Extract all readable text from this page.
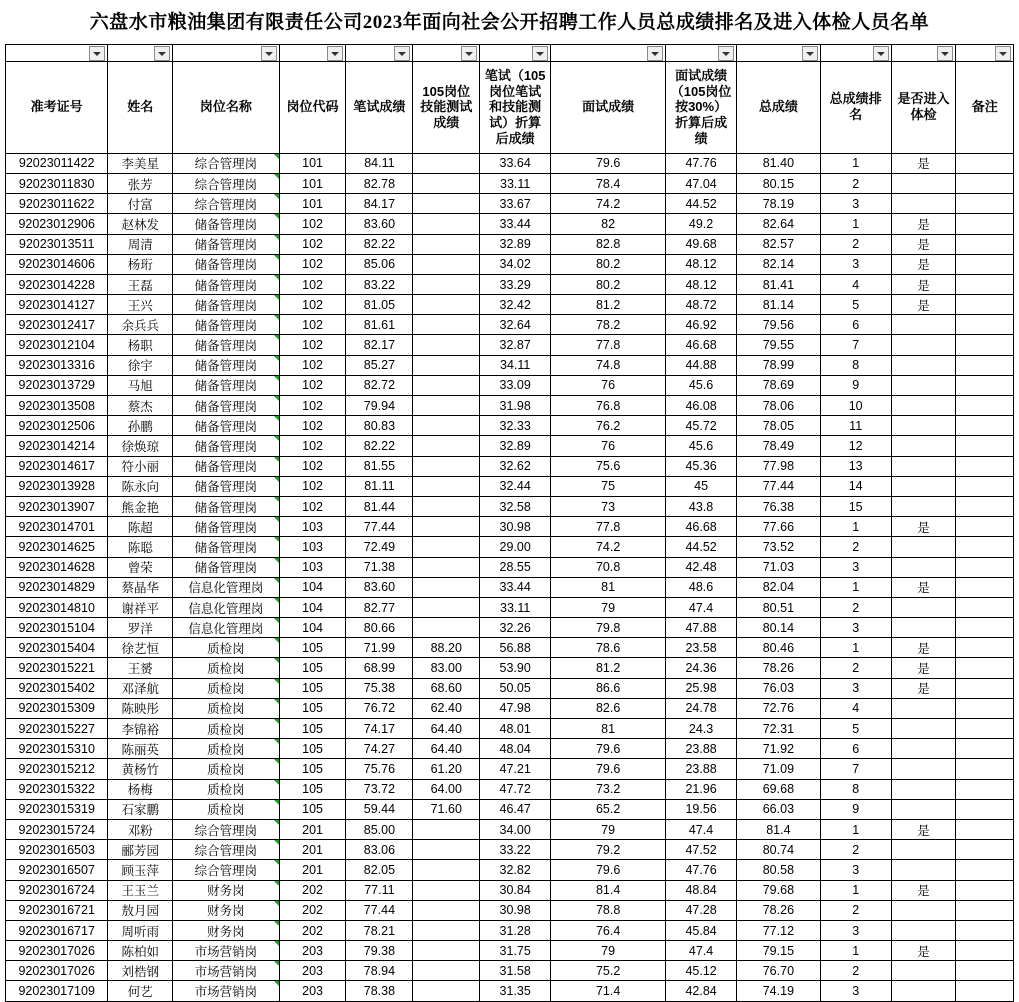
六盘水市粮油集团有限责任公司2023年面向社会公开招聘工作人员总成绩排名及进入体检人员名单

准考证号	姓名	岗位名称	岗位代码	笔试成绩	105岗位技能测试成绩	笔试（105岗位笔试和技能测试）折算后成绩	面试成绩	面试成绩（105岗位按30%）折算后成绩	总成绩	总成绩排名	是否进入体检	备注
92023011422	李美星	综合管理岗	101	84.11		33.64	79.6	47.76	81.40	1	是	
92023011830	张芳	综合管理岗	101	82.78		33.11	78.4	47.04	80.15	2		
92023011622	付富	综合管理岗	101	84.17		33.67	74.2	44.52	78.19	3		
92023012906	赵林发	储备管理岗	102	83.60		33.44	82	49.2	82.64	1	是	
92023013511	周清	储备管理岗	102	82.22		32.89	82.8	49.68	82.57	2	是	
92023014606	杨珩	储备管理岗	102	85.06		34.02	80.2	48.12	82.14	3	是	
92023014228	王磊	储备管理岗	102	83.22		33.29	80.2	48.12	81.41	4	是	
92023014127	王兴	储备管理岗	102	81.05		32.42	81.2	48.72	81.14	5	是	
92023012417	余兵兵	储备管理岗	102	81.61		32.64	78.2	46.92	79.56	6		
92023012104	杨职	储备管理岗	102	82.17		32.87	77.8	46.68	79.55	7		
92023013316	徐宇	储备管理岗	102	85.27		34.11	74.8	44.88	78.99	8		
92023013729	马旭	储备管理岗	102	82.72		33.09	76	45.6	78.69	9		
92023013508	蔡杰	储备管理岗	102	79.94		31.98	76.8	46.08	78.06	10		
92023012506	孙鹏	储备管理岗	102	80.83		32.33	76.2	45.72	78.05	11		
92023014214	徐焕琼	储备管理岗	102	82.22		32.89	76	45.6	78.49	12		
92023014617	符小丽	储备管理岗	102	81.55		32.62	75.6	45.36	77.98	13		
92023013928	陈永向	储备管理岗	102	81.11		32.44	75	45	77.44	14		
92023013907	熊金艳	储备管理岗	102	81.44		32.58	73	43.8	76.38	15		
92023014701	陈超	储备管理岗	103	77.44		30.98	77.8	46.68	77.66	1	是	
92023014625	陈聪	储备管理岗	103	72.49		29.00	74.2	44.52	73.52	2		
92023014628	曾荣	储备管理岗	103	71.38		28.55	70.8	42.48	71.03	3		
92023014829	蔡晶华	信息化管理岗	104	83.60		33.44	81	48.6	82.04	1	是	
92023014810	谢祥平	信息化管理岗	104	82.77		33.11	79	47.4	80.51	2		
92023015104	罗洋	信息化管理岗	104	80.66		32.26	79.8	47.88	80.14	3		
92023015404	徐艺恒	质检岗	105	71.99	88.20	56.88	78.6	23.58	80.46	1	是	
92023015221	王赟	质检岗	105	68.99	83.00	53.90	81.2	24.36	78.26	2	是	
92023015402	邓泽航	质检岗	105	75.38	68.60	50.05	86.6	25.98	76.03	3	是	
92023015309	陈映彤	质检岗	105	76.72	62.40	47.98	82.6	24.78	72.76	4		
92023015227	李锦裕	质检岗	105	74.17	64.40	48.01	81	24.3	72.31	5		
92023015310	陈丽英	质检岗	105	74.27	64.40	48.04	79.6	23.88	71.92	6		
92023015212	黄杨竹	质检岗	105	75.76	61.20	47.21	79.6	23.88	71.09	7		
92023015322	杨梅	质检岗	105	73.72	64.00	47.72	73.2	21.96	69.68	8		
92023015319	石家鹏	质检岗	105	59.44	71.60	46.47	65.2	19.56	66.03	9		
92023015724	邓粉	综合管理岗	201	85.00		34.00	79	47.4	81.4	1	是	
92023016503	郦芳园	综合管理岗	201	83.06		33.22	79.2	47.52	80.74	2		
92023016507	顾玉萍	综合管理岗	201	82.05		32.82	79.6	47.76	80.58	3		
92023016724	王玉兰	财务岗	202	77.11		30.84	81.4	48.84	79.68	1	是	
92023016721	敖月园	财务岗	202	77.44		30.98	78.8	47.28	78.26	2		
92023016717	周听雨	财务岗	202	78.21		31.28	76.4	45.84	77.12	3		
92023017026	陈柏如	市场营销岗	203	79.38		31.75	79	47.4	79.15	1	是	
92023017026	刘梏钢	市场营销岗	203	78.94		31.58	75.2	45.12	76.70	2		
92023017109	何艺	市场营销岗	203	78.38		31.35	71.4	42.84	74.19	3		
